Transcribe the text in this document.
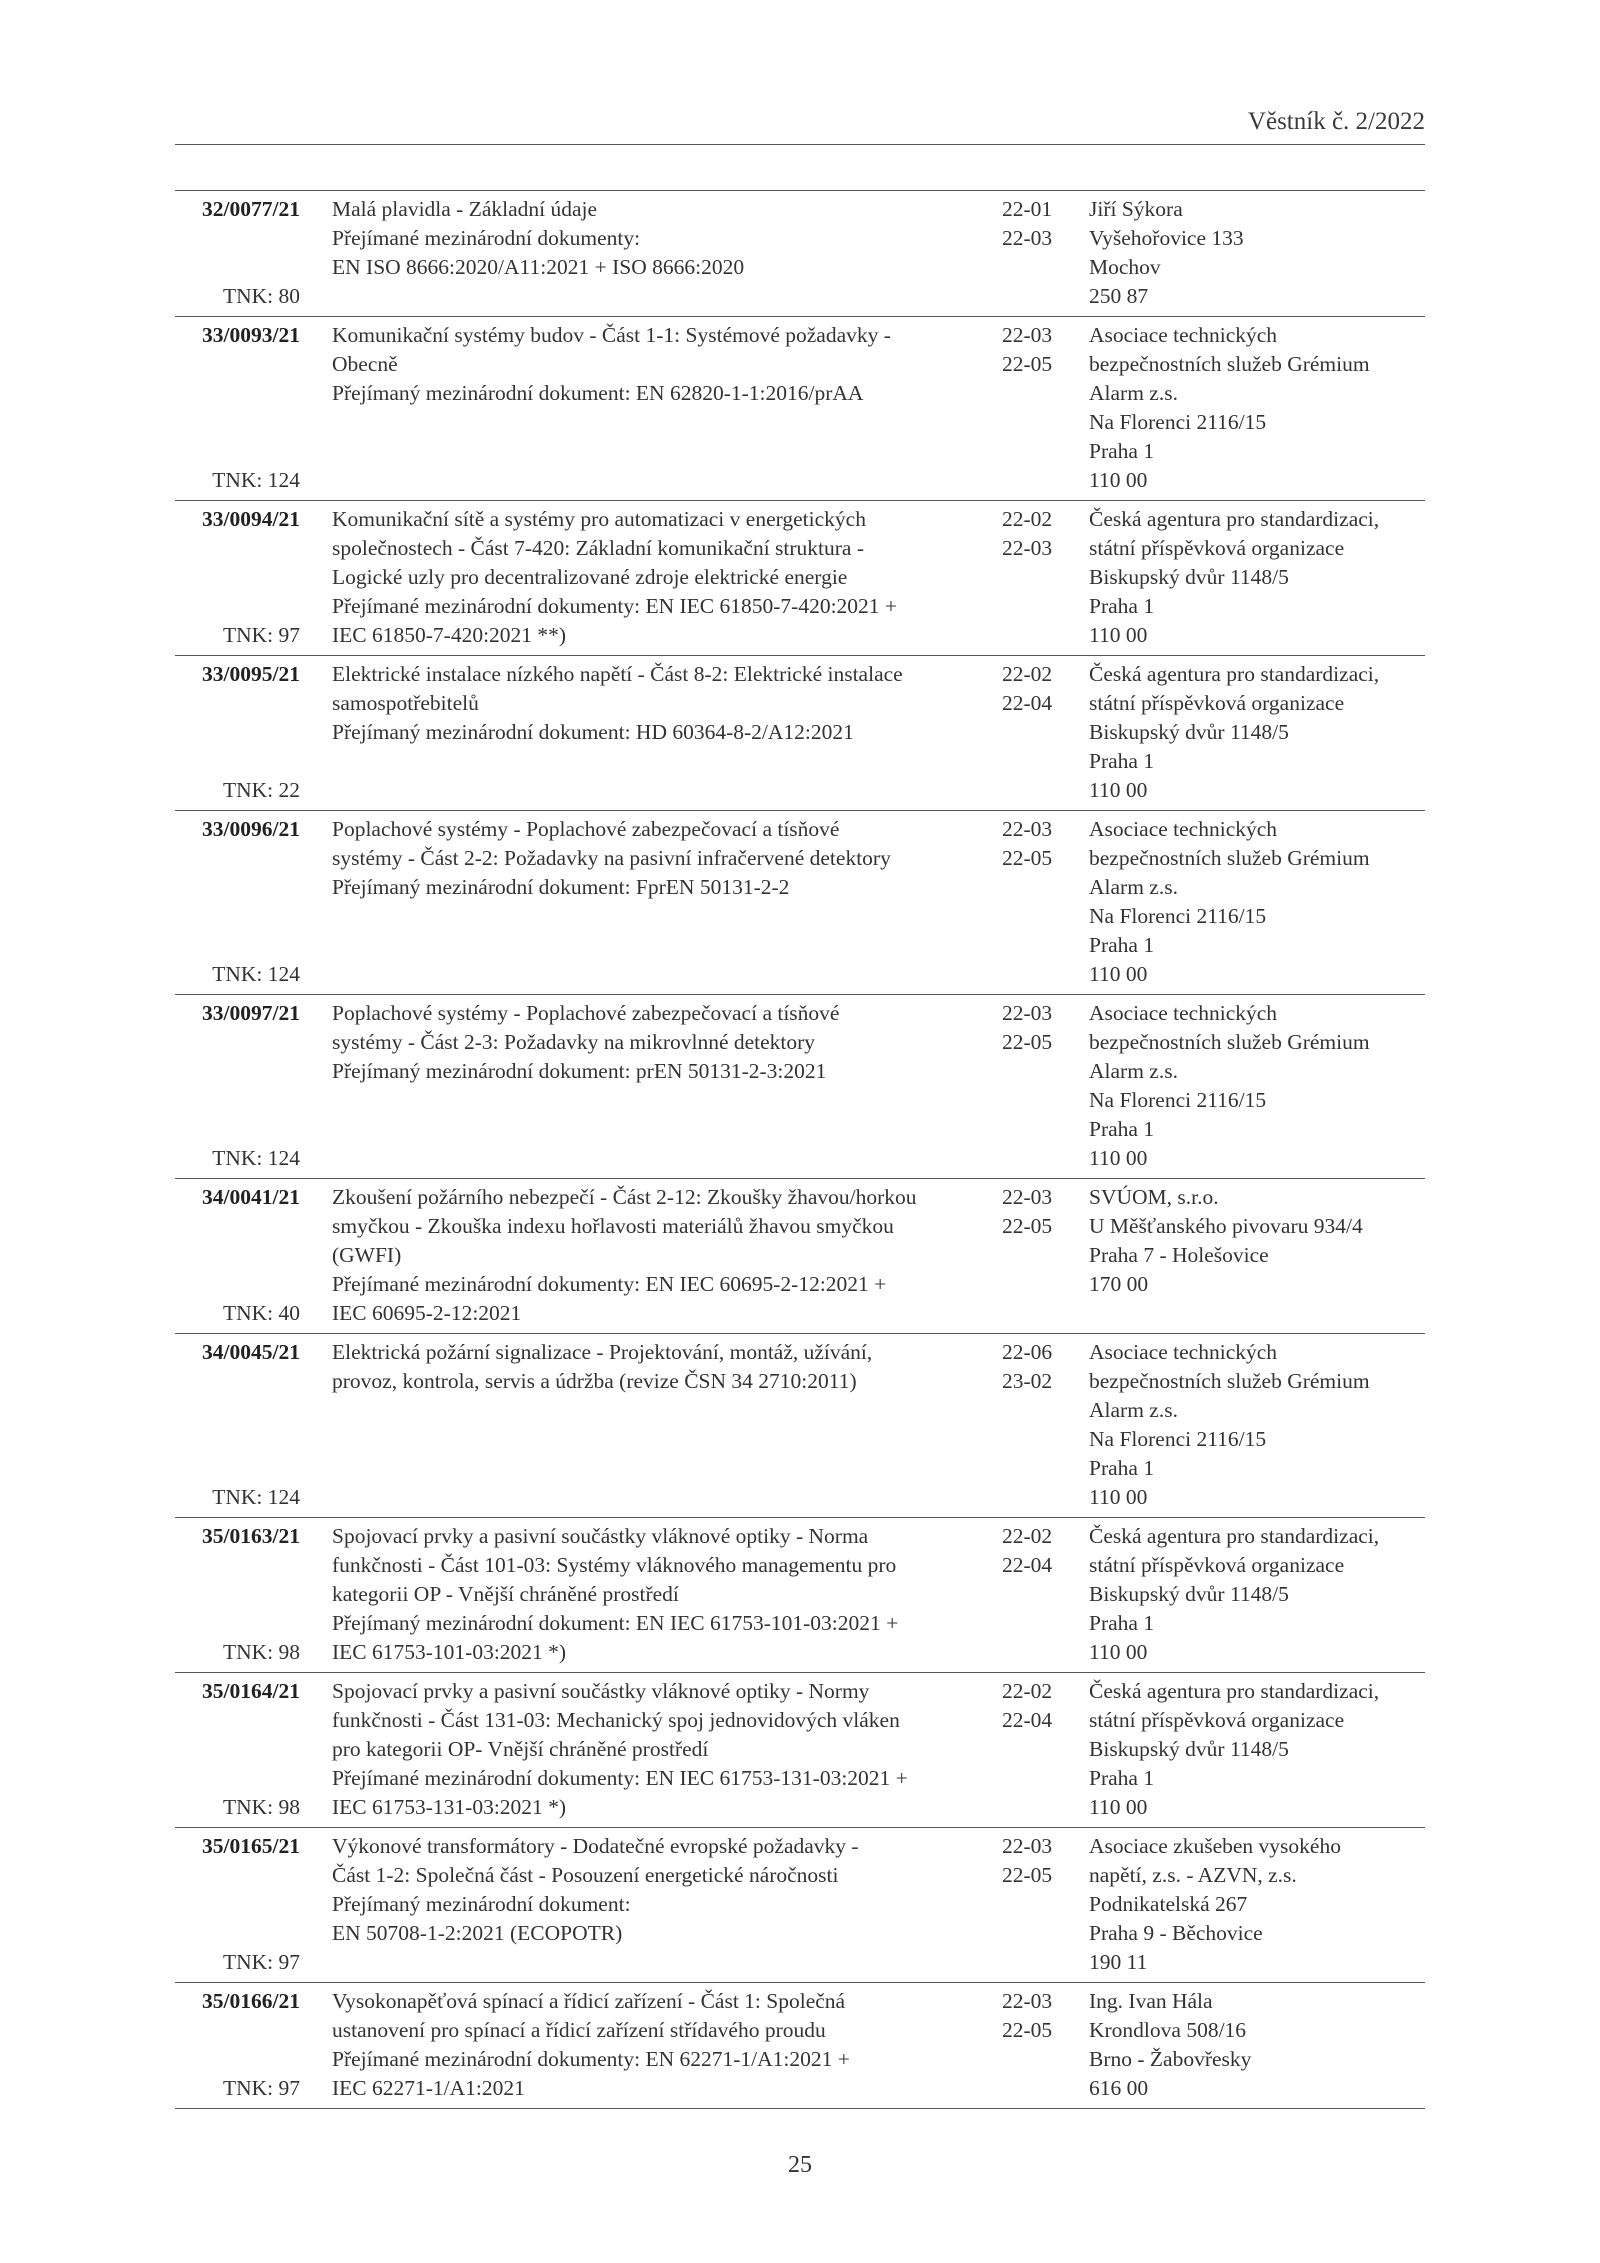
Věstník č. 2/2022
32/0077/21 Malá plavidla - Základní údaje
Přejímané mezinárodní dokumenty:
EN ISO 8666:2020/A11:2021 + ISO 8666:2020

22-01
22-03
Jiří Sýkora
Vyšehořovice 133
Mochov
250 87
TNK: 80
33/0093/21 Komunikační systémy budov - Část 1-1: Systémové požadavky -
Obecně
Přejímaný mezinárodní dokument: EN 62820-1-1:2016/prAA

22-03
22-05
Asociace technických
bezpečnostních služeb Grémium
Alarm z.s.
Na Florenci 2116/15
Praha 1
110 00
TNK: 124
33/0094/21 Komunikační sítě a systémy pro automatizaci v energetických
společnostech - Část 7-420: Základní komunikační struktura -
Logické uzly pro decentralizované zdroje elektrické energie
Přejímané mezinárodní dokumenty: EN IEC 61850-7-420:2021 +
IEC 61850-7-420:2021 **)
22-02
22-03
Česká agentura pro standardizaci,
státní příspěvková organizace
Biskupský dvůr 1148/5
Praha 1
110 00
TNK: 97
33/0095/21 Elektrické instalace nízkého napětí - Část 8-2: Elektrické instalace
samospotřebitelů
Přejímaný mezinárodní dokument: HD 60364-8-2/A12:2021

22-02
22-04
Česká agentura pro standardizaci,
státní příspěvková organizace
Biskupský dvůr 1148/5
Praha 1
110 00
TNK: 22
33/0096/21 Poplachové systémy - Poplachové zabezpečovací a tísňové
systémy - Část 2-2: Požadavky na pasivní infračervené detektory
Přejímaný mezinárodní dokument: FprEN 50131-2-2

22-03
22-05
Asociace technických
bezpečnostních služeb Grémium
Alarm z.s.
Na Florenci 2116/15
Praha 1
110 00
TNK: 124
33/0097/21 Poplachové systémy - Poplachové zabezpečovací a tísňové
systémy - Část 2-3: Požadavky na mikrovlnné detektory
Přejímaný mezinárodní dokument: prEN 50131-2-3:2021

22-03
22-05
Asociace technických
bezpečnostních služeb Grémium
Alarm z.s.
Na Florenci 2116/15
Praha 1
110 00
TNK: 124
34/0041/21 Zkoušení požárního nebezpečí - Část 2-12: Zkoušky žhavou/horkou
smyčkou - Zkouška indexu hořlavosti materiálů žhavou smyčkou
(GWFI)
Přejímané mezinárodní dokumenty: EN IEC 60695-2-12:2021 +
IEC 60695-2-12:2021
22-03
22-05
SVÚOM, s.r.o.
U Měšťanského pivovaru 934/4
Praha 7 - Holešovice
170 00
TNK: 40
34/0045/21 Elektrická požární signalizace - Projektování, montáž, užívání,
provoz, kontrola, servis a údržba (revize ČSN 34 2710:2011)

22-06
23-02
Asociace technických
bezpečnostních služeb Grémium
Alarm z.s.
Na Florenci 2116/15
Praha 1
110 00
TNK: 124
35/0163/21 Spojovací prvky a pasivní součástky vláknové optiky - Norma
funkčnosti - Část 101-03: Systémy vláknového managementu pro
kategorii OP - Vnější chráněné prostředí
Přejímaný mezinárodní dokument: EN IEC 61753-101-03:2021 +
IEC 61753-101-03:2021 *)
22-02
22-04
Česká agentura pro standardizaci,
státní příspěvková organizace
Biskupský dvůr 1148/5
Praha 1
110 00
TNK: 98
35/0164/21 Spojovací prvky a pasivní součástky vláknové optiky - Normy
funkčnosti - Část 131-03: Mechanický spoj jednovidových vláken
pro kategorii OP- Vnější chráněné prostředí
Přejímané mezinárodní dokumenty: EN IEC 61753-131-03:2021 +
IEC 61753-131-03:2021 *)
22-02
22-04
Česká agentura pro standardizaci,
státní příspěvková organizace
Biskupský dvůr 1148/5
Praha 1
110 00
TNK: 98
35/0165/21 Výkonové transformátory - Dodatečné evropské požadavky -
Část 1-2: Společná část - Posouzení energetické náročnosti
Přejímaný mezinárodní dokument:
EN 50708-1-2:2021 (ECOPOTR)

22-03
22-05
Asociace zkušeben vysokého
napětí, z.s. - AZVN, z.s.
Podnikatelská 267
Praha 9 - Běchovice
190 11
TNK: 97
35/0166/21 Vysokonapěťová spínací a řídicí zařízení - Část 1: Společná
ustanovení pro spínací a řídicí zařízení střídavého proudu
Přejímané mezinárodní dokumenty: EN 62271-1/A1:2021 +
IEC 62271-1/A1:2021
22-03
22-05
Ing. Ivan Hála
Krondlova 508/16
Brno - Žabovřesky
616 00
TNK: 97
25
